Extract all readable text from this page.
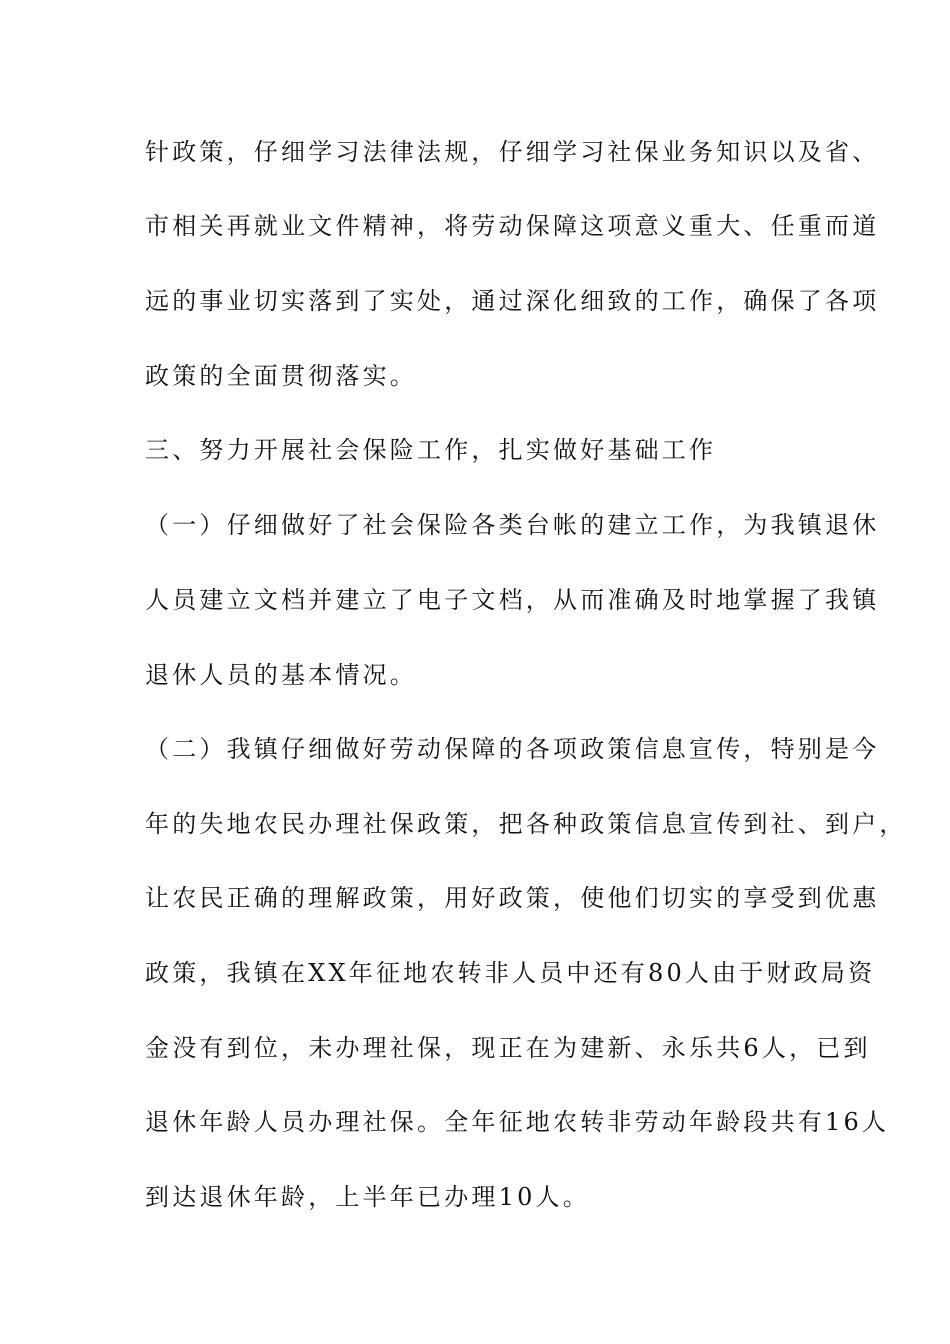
针政策，仔细学习法律法规，仔细学习社保业务知识以及省、
市相关再就业文件精神，将劳动保障这项意义重大、任重而道
远的事业切实落到了实处，通过深化细致的工作，确保了各项
政策的全面贯彻落实。
三、努力开展社会保险工作，扎实做好基础工作
（一）仔细做好了社会保险各类台帐的建立工作，为我镇退休
人员建立文档并建立了电子文档，从而准确及时地掌握了我镇
退休人员的基本情况。
（二）我镇仔细做好劳动保障的各项政策信息宣传，特别是今
年的失地农民办理社保政策，把各种政策信息宣传到社、到户，
让农民正确的理解政策，用好政策，使他们切实的享受到优惠
政策，我镇在XX年征地农转非人员中还有80人由于财政局资
金没有到位，未办理社保，现正在为建新、永乐共6人，已到
退休年龄人员办理社保。全年征地农转非劳动年龄段共有16人
到达退休年龄，上半年已办理10人。
